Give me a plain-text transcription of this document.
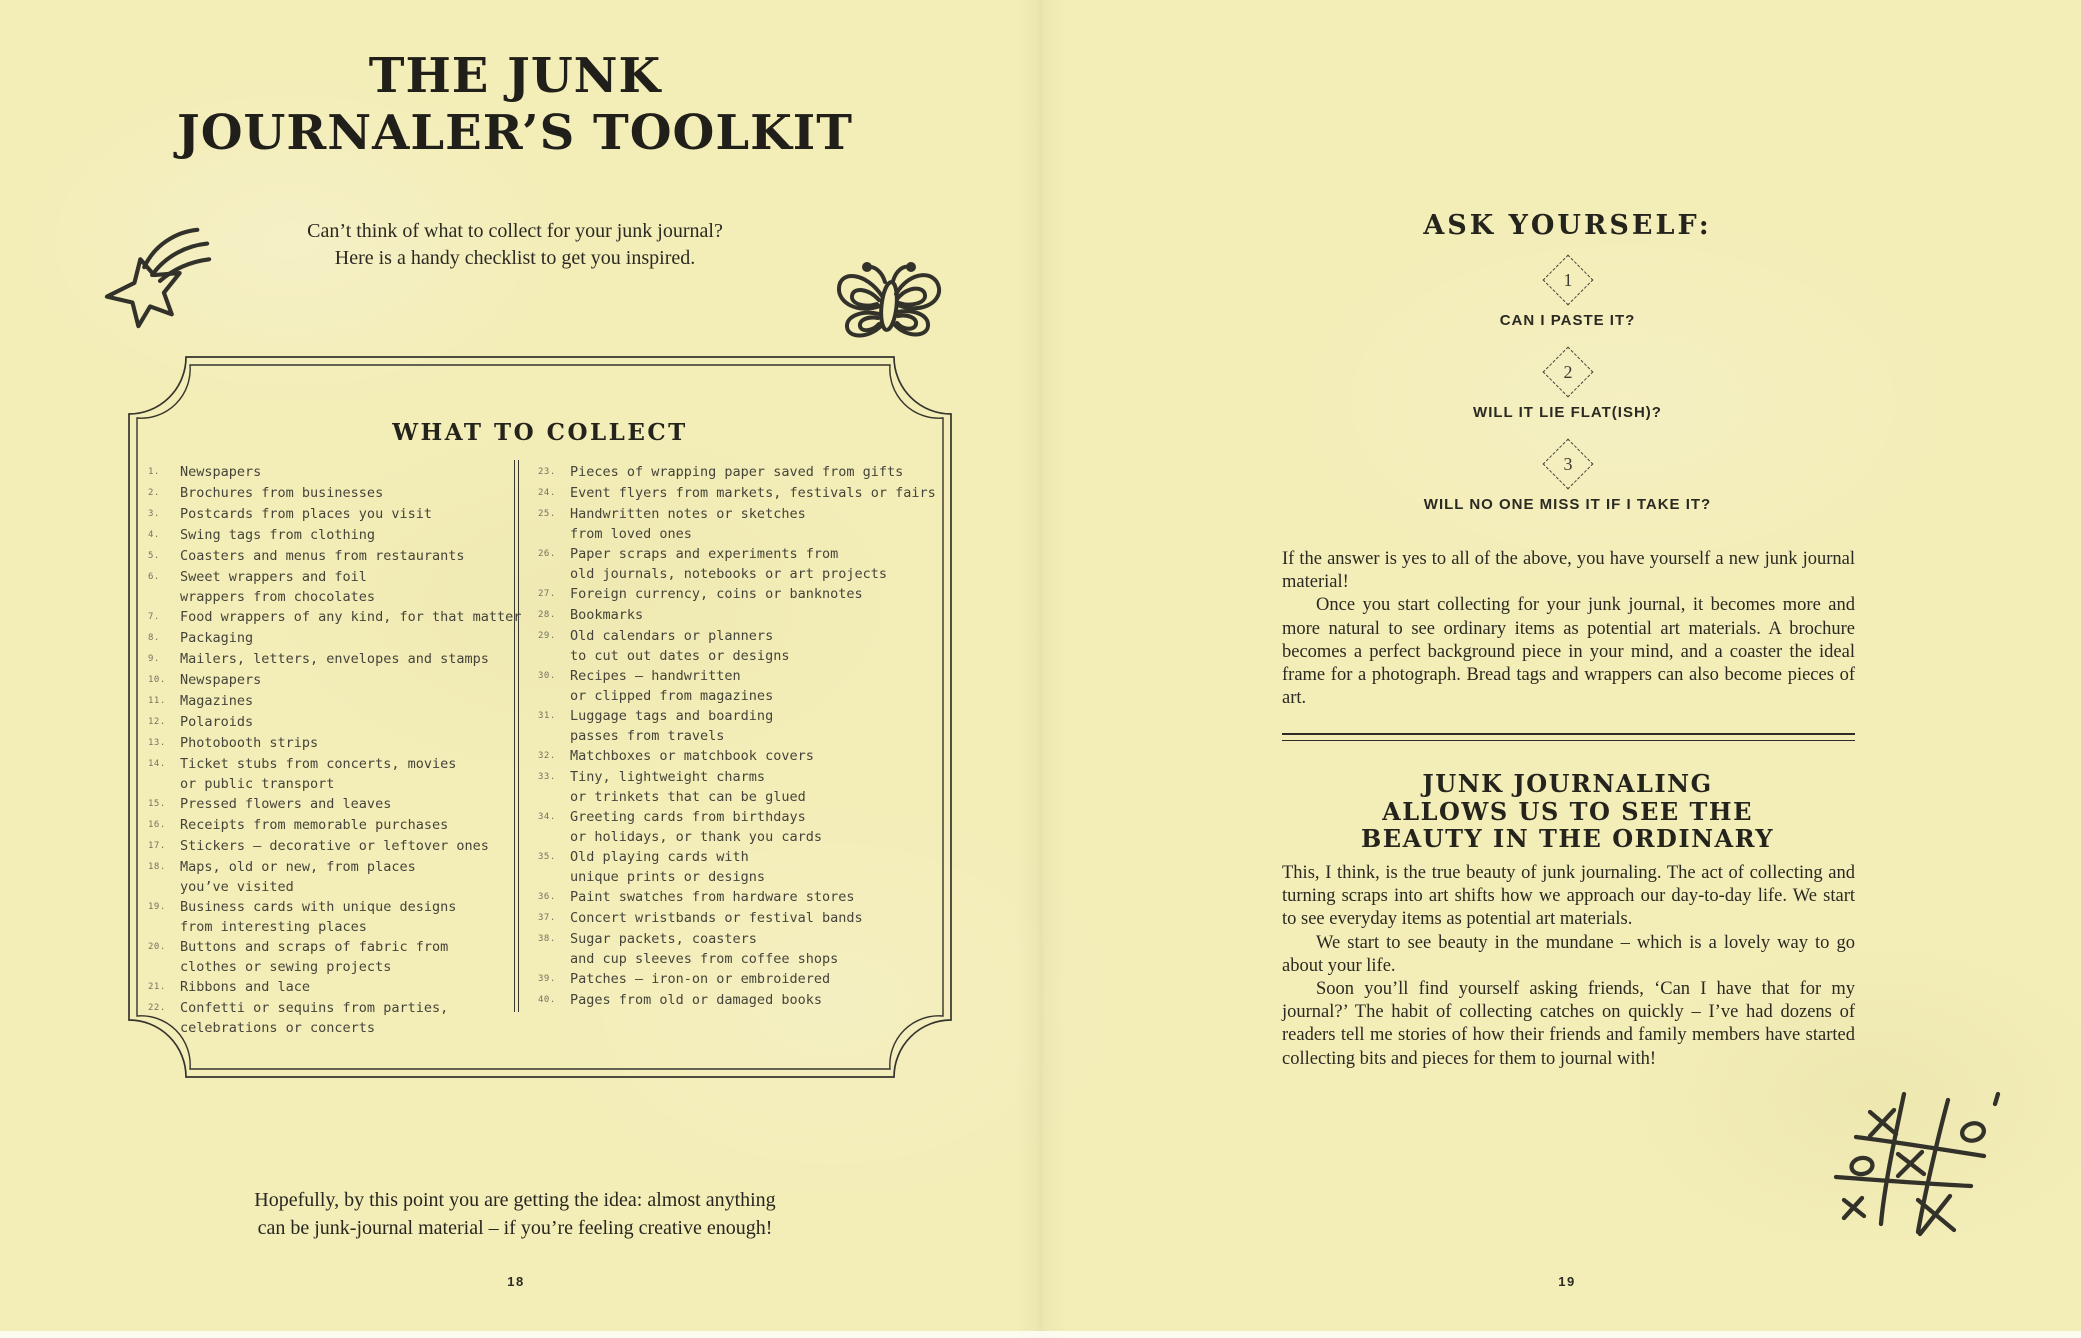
THE JUNK
JOURNALER’S TOOLKIT
Can’t think of what to collect for your junk journal?
Here is a handy checklist to get you inspired.
WHAT TO COLLECT
1.	Newspapers
2.	Brochures from businesses
3.	Postcards from places you visit
4.	Swing tags from clothing
5.	Coasters and menus from restaurants
6.	Sweet wrappers and foil
wrappers from chocolates
7.	Food wrappers of any kind, for that matter
8.	Packaging
9.	Mailers, letters, envelopes and stamps
10.	Newspapers
11.	Magazines
12.	Polaroids
13.	Photobooth strips
14.	Ticket stubs from concerts, movies
or public transport
15.	Pressed flowers and leaves
16.	Receipts from memorable purchases
17.	Stickers – decorative or leftover ones
18.	Maps, old or new, from places
you’ve visited
19.	Business cards with unique designs
from interesting places
20.	Buttons and scraps of fabric from
clothes or sewing projects
21.	Ribbons and lace
22.	Confetti or sequins from parties,
celebrations or concerts
23.	Pieces of wrapping paper saved from gifts
24.	Event flyers from markets, festivals or fairs
25.	Handwritten notes or sketches
from loved ones
26.	Paper scraps and experiments from
old journals, notebooks or art projects
27.	Foreign currency, coins or banknotes
28.	Bookmarks
29.	Old calendars or planners
to cut out dates or designs
30.	Recipes – handwritten
or clipped from magazines
31.	Luggage tags and boarding
passes from travels
32.	Matchboxes or matchbook covers
33.	Tiny, lightweight charms
or trinkets that can be glued
34.	Greeting cards from birthdays
or holidays, or thank you cards
35.	Old playing cards with
unique prints or designs
36.	Paint swatches from hardware stores
37.	Concert wristbands or festival bands
38.	Sugar packets, coasters
and cup sleeves from coffee shops
39.	Patches – iron-on or embroidered
40.	Pages from old or damaged books
Hopefully, by this point you are getting the idea: almost anything
can be junk-journal material – if you’re feeling creative enough!
18
ASK YOURSELF:
1
CAN I PASTE IT?
2
WILL IT LIE FLAT(ISH)?
3
WILL NO ONE MISS IT IF I TAKE IT?

If the answer is yes to all of the above, you have yourself a new junk journal material!

Once you start collecting for your junk journal, it becomes more and more natural to see ordinary items as potential art materials. A brochure becomes a perfect background piece in your mind, and a coaster the ideal frame for a photograph. Bread tags and wrappers can also become pieces of art.

JUNK JOURNALING
ALLOWS US TO SEE THE
BEAUTY IN THE ORDINARY

This, I think, is the true beauty of junk journaling. The act of collecting and turning scraps into art shifts how we approach our day-to-day life. We start to see everyday items as potential art materials.

We start to see beauty in the mundane – which is a lovely way to go about your life.

Soon you’ll find yourself asking friends, ‘Can I have that for my journal?’ The habit of collecting catches on quickly – I’ve had dozens of readers tell me stories of how their friends and family members have started collecting bits and pieces for them to journal with!

19
